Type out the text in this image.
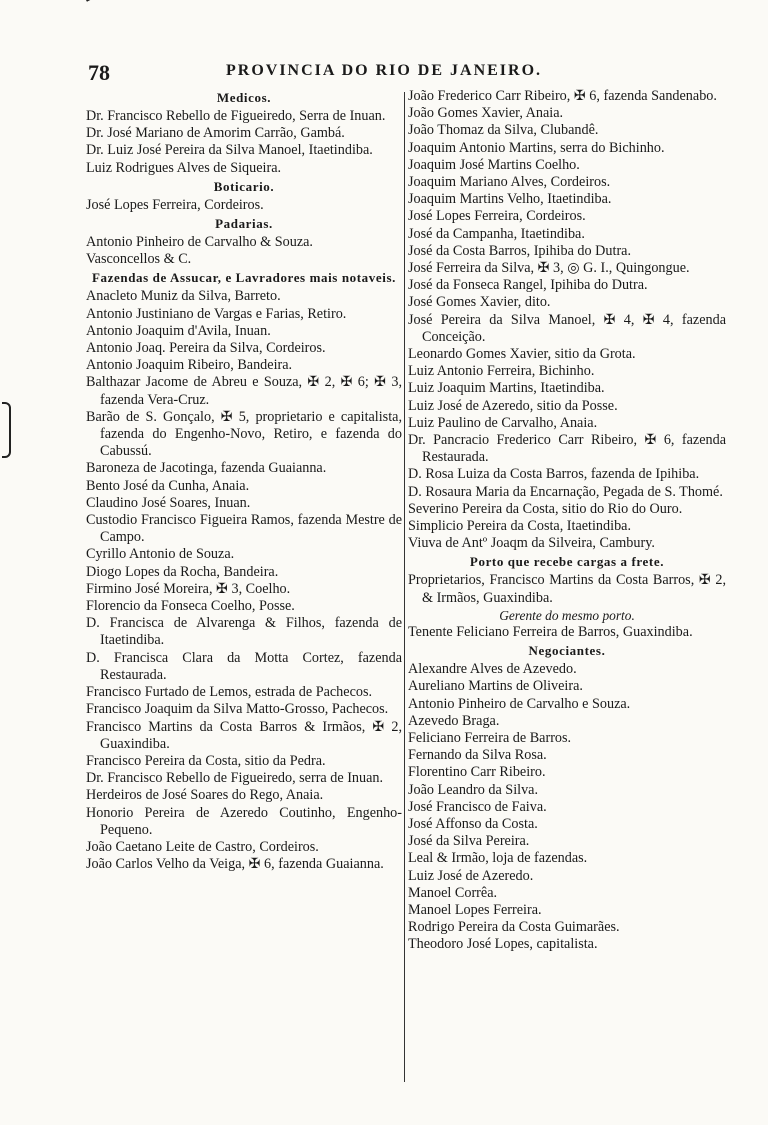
78	PROVINCIA DO RIO DE JANEIRO.

Medicos.

Dr. Francisco Rebello de Figueiredo, Serra de Inuan.

Dr. José Mariano de Amorim Carrão, Gambá.

Dr. Luiz José Pereira da Silva Manoel, Itaetindiba.

Luiz Rodrigues Alves de Siqueira.

Boticario.

José Lopes Ferreira, Cordeiros.

Padarias.

Antonio Pinheiro de Carvalho & Souza.

Vasconcellos & C.

Fazendas de Assucar, e Lavradores mais notaveis.

Anacleto Muniz da Silva, Barreto.

Antonio Justiniano de Vargas e Farias, Retiro.

Antonio Joaquim d'Avila, Inuan.

Antonio Joaq. Pereira da Silva, Cordeiros.

Antonio Joaquim Ribeiro, Bandeira.

Balthazar Jacome de Abreu e Souza, ✠ 2, ✠ 6; ✠ 3, fazenda Vera-Cruz.

Barão de S. Gonçalo, ✠ 5, proprietario e capitalista, fazenda do Engenho-Novo, Retiro, e fazenda do Cabussú.

Baroneza de Jacotinga, fazenda Guaianna.

Bento José da Cunha, Anaia.

Claudino José Soares, Inuan.

Custodio Francisco Figueira Ramos, fazenda Mestre de Campo.

Cyrillo Antonio de Souza.

Diogo Lopes da Rocha, Bandeira.

Firmino José Moreira, ✠ 3, Coelho.

Florencio da Fonseca Coelho, Posse.

D. Francisca de Alvarenga & Filhos, fazenda de Itaetindiba.

D. Francisca Clara da Motta Cortez, fazenda Restaurada.

Francisco Furtado de Lemos, estrada de Pachecos.

Francisco Joaquim da Silva Matto-Grosso, Pachecos.

Francisco Martins da Costa Barros & Irmãos, ✠ 2, Guaxindiba.

Francisco Pereira da Costa, sitio da Pedra.

Dr. Francisco Rebello de Figueiredo, serra de Inuan.

Herdeiros de José Soares do Rego, Anaia.

Honorio Pereira de Azeredo Coutinho, Engenho-Pequeno.

João Caetano Leite de Castro, Cordeiros.

João Carlos Velho da Veiga, ✠ 6, fazenda Guaianna.

João Frederico Carr Ribeiro, ✠ 6, fazenda Sandenabo.

João Gomes Xavier, Anaia.

João Thomaz da Silva, Clubandê.

Joaquim Antonio Martins, serra do Bichinho.

Joaquim José Martins Coelho.

Joaquim Mariano Alves, Cordeiros.

Joaquim Martins Velho, Itaetindiba.

José Lopes Ferreira, Cordeiros.

José da Campanha, Itaetindiba.

José da Costa Barros, Ipihiba do Dutra.

José Ferreira da Silva, ✠ 3, ◎ G. I., Quingongue.

José da Fonseca Rangel, Ipihiba do Dutra.

José Gomes Xavier, dito.

José Pereira da Silva Manoel, ✠ 4, ✠ 4, fazenda Conceição.

Leonardo Gomes Xavier, sitio da Grota.

Luiz Antonio Ferreira, Bichinho.

Luiz Joaquim Martins, Itaetindiba.

Luiz José de Azeredo, sitio da Posse.

Luiz Paulino de Carvalho, Anaia.

Dr. Pancracio Frederico Carr Ribeiro, ✠ 6, fazenda Restaurada.

D. Rosa Luiza da Costa Barros, fazenda de Ipihiba.

D. Rosaura Maria da Encarnação, Pegada de S. Thomé.

Severino Pereira da Costa, sitio do Rio do Ouro.

Simplicio Pereira da Costa, Itaetindiba.

Viuva de Antº Joaqm da Silveira, Cambury.

Porto que recebe cargas a frete.

Proprietarios, Francisco Martins da Costa Barros, ✠ 2, & Irmãos, Guaxindiba.

Gerente do mesmo porto.

Tenente Feliciano Ferreira de Barros, Guaxindiba.

Negociantes.

Alexandre Alves de Azevedo.

Aureliano Martins de Oliveira.

Antonio Pinheiro de Carvalho e Souza.

Azevedo Braga.

Feliciano Ferreira de Barros.

Fernando da Silva Rosa.

Florentino Carr Ribeiro.

João Leandro da Silva.

José Francisco de Faiva.

José Affonso da Costa.

José da Silva Pereira.

Leal & Irmão, loja de fazendas.

Luiz José de Azeredo.

Manoel Corrêa.

Manoel Lopes Ferreira.

Rodrigo Pereira da Costa Guimarães.

Theodoro José Lopes, capitalista.
